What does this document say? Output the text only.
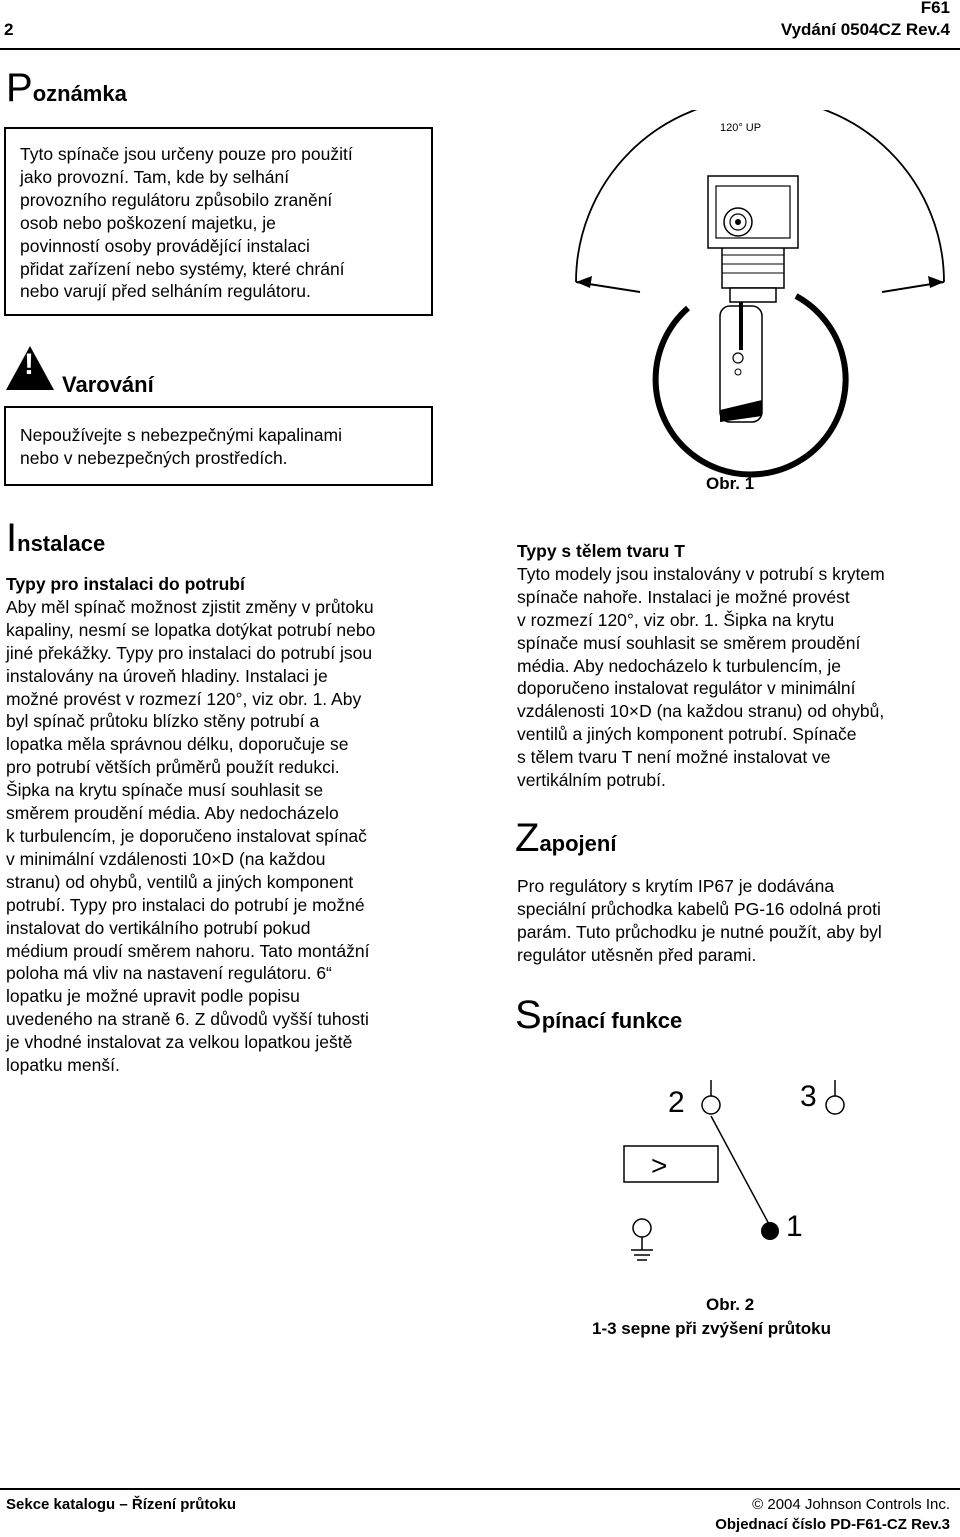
2
F61
Vydání 0504CZ Rev.4
Poznámka
Tyto spínače jsou určeny pouze pro použití
jako provozní. Tam, kde by selhání
provozního regulátoru způsobilo zranění
osob nebo poškození majetku, je
povinností osoby provádějící instalaci
přidat zařízení nebo systémy, které chrání
nebo varují před selháním regulátoru.
!
Varování
Nepoužívejte s nebezpečnými kapalinami
nebo v nebezpečných prostředích.
120° UP
Obr. 1
Instalace
Typy pro instalaci do potrubí
Aby měl spínač možnost zjistit změny v průtoku
kapaliny, nesmí se lopatka dotýkat potrubí nebo
jiné překážky. Typy pro instalaci do potrubí jsou
instalovány na úroveň hladiny. Instalaci je
možné provést v rozmezí 120°, viz obr. 1. Aby
byl spínač průtoku blízko stěny potrubí a
lopatka měla správnou délku, doporučuje se
pro potrubí větších průměrů použít redukci.
Šipka na krytu spínače musí souhlasit se
směrem proudění média. Aby nedocházelo
k turbulencím, je doporučeno instalovat spínač
v minimální vzdálenosti 10×D (na každou
stranu) od ohybů, ventilů a jiných komponent
potrubí. Typy pro instalaci do potrubí je možné
instalovat do vertikálního potrubí pokud
médium proudí směrem nahoru. Tato montážní
poloha má vliv na nastavení regulátoru. 6“
lopatku je možné upravit podle popisu
uvedeného na straně 6. Z důvodů vyšší tuhosti
je vhodné instalovat za velkou lopatkou ještě
lopatku menší.
Typy s tělem tvaru T
Tyto modely jsou instalovány v potrubí s krytem
spínače nahoře. Instalaci je možné provést
v rozmezí 120°, viz obr. 1. Šipka na krytu
spínače musí souhlasit se směrem proudění
média. Aby nedocházelo k turbulencím, je
doporučeno instalovat regulátor v minimální
vzdálenosti 10×D (na každou stranu) od ohybů,
ventilů a jiných komponent potrubí. Spínače
s tělem tvaru T není možné instalovat ve
vertikálním potrubí.
Zapojení
Pro regulátory s krytím IP67 je dodávána
speciální průchodka kabelů PG-16 odolná proti
parám. Tuto průchodku je nutné použít, aby byl
regulátor utěsněn před parami.
Spínací funkce
2	3
>
1
Obr. 2
1-3 sepne při zvýšení průtoku
Sekce katalogu – Řízení průtoku	© 2004 Johnson Controls Inc.
Objednací číslo PD-F61-CZ Rev.3
